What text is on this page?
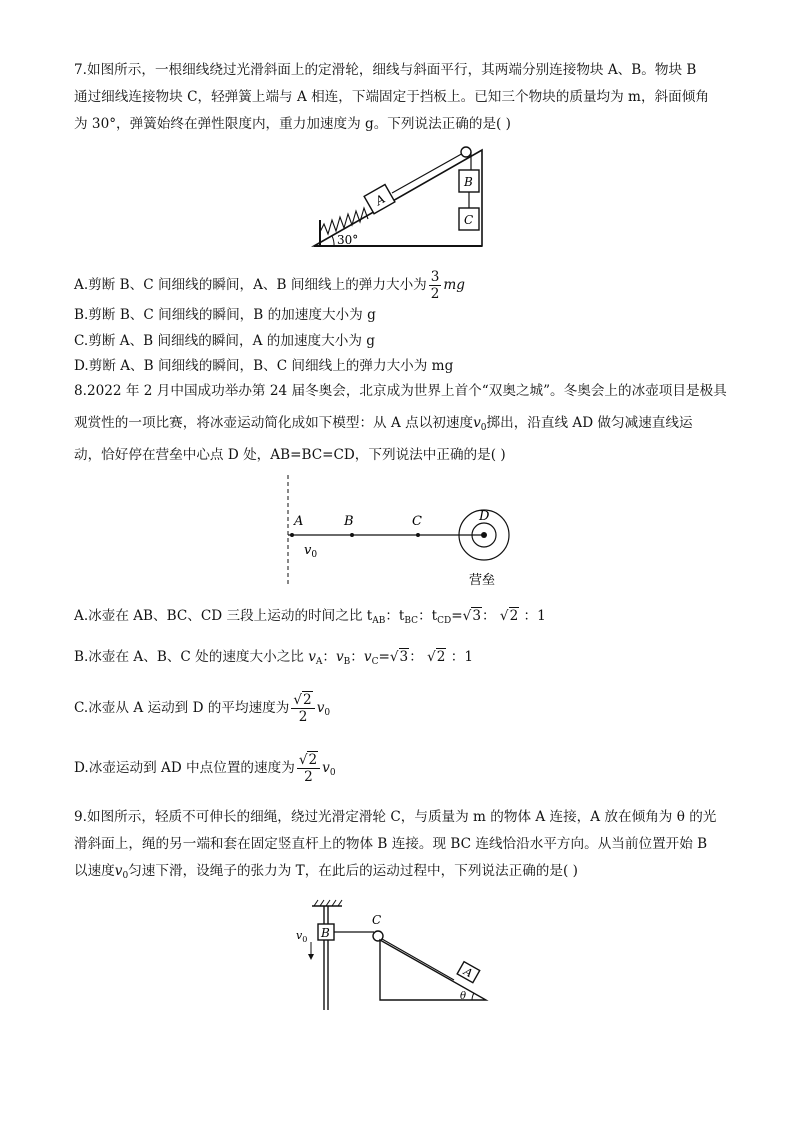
7.如图所示，一根细线绕过光滑斜面上的定滑轮，细线与斜面平行，其两端分别连接物块 A、B。物块 B
通过细线连接物块 C，轻弹簧上端与 A 相连，下端固定于挡板上。已知三个物块的质量均为 m，斜面倾角
为 30°，弹簧始终在弹性限度内，重力加速度为 g。下列说法正确的是( )
A
B
C
30°
A.剪断 B、C 间细线的瞬间，A、B 间细线上的弹力大小为 $\frac{3}{2}$ mg
B.剪断 B、C 间细线的瞬间，B 的加速度大小为 g
C.剪断 A、B 间细线的瞬间，A 的加速度大小为 g
D.剪断 A、B 间细线的瞬间，B、C 间细线上的弹力大小为 mg
8.2022 年 2 月中国成功举办第 24 届冬奥会，北京成为世界上首个“双奥之城”。冬奥会上的冰壶项目是极具
观赏性的一项比赛，将冰壶运动简化成如下模型：从 A 点以初速度$v_0$掷出，沿直线 AD 做匀减速直线运
动，恰好停在营垒中心点 D 处，AB=BC=CD，下列说法中正确的是( )
A	B	C
$v_0$
D
营垒
A.冰壶在 AB、BC、CD 三段上运动的时间之比 $t_{AB}$：$t_{BC}$：$t_{CD}=√3$： √2 ：1
B.冰壶在 A、B、C 处的速度大小之比 $v_A$：$v_B$：$v_C=√3$： √2 ：1
C.冰壶从 A 运动到 D 的平均速度为 $\frac{√2}{2} v_0$
D.冰壶运动到 AD 中点位置的速度为 $\frac{√2}{2} v_0$
9.如图所示，轻质不可伸长的细绳，绕过光滑定滑轮 C，与质量为 m 的物体 A 连接，A 放在倾角为 θ 的光
滑斜面上，绳的另一端和套在固定竖直杆上的物体 B 连接。现 BC 连线恰沿水平方向。从当前位置开始 B
以速度$v_0$匀速下滑，设绳子的张力为 T，在此后的运动过程中，下列说法正确的是( )
B
$v_0$
C
A
θ
